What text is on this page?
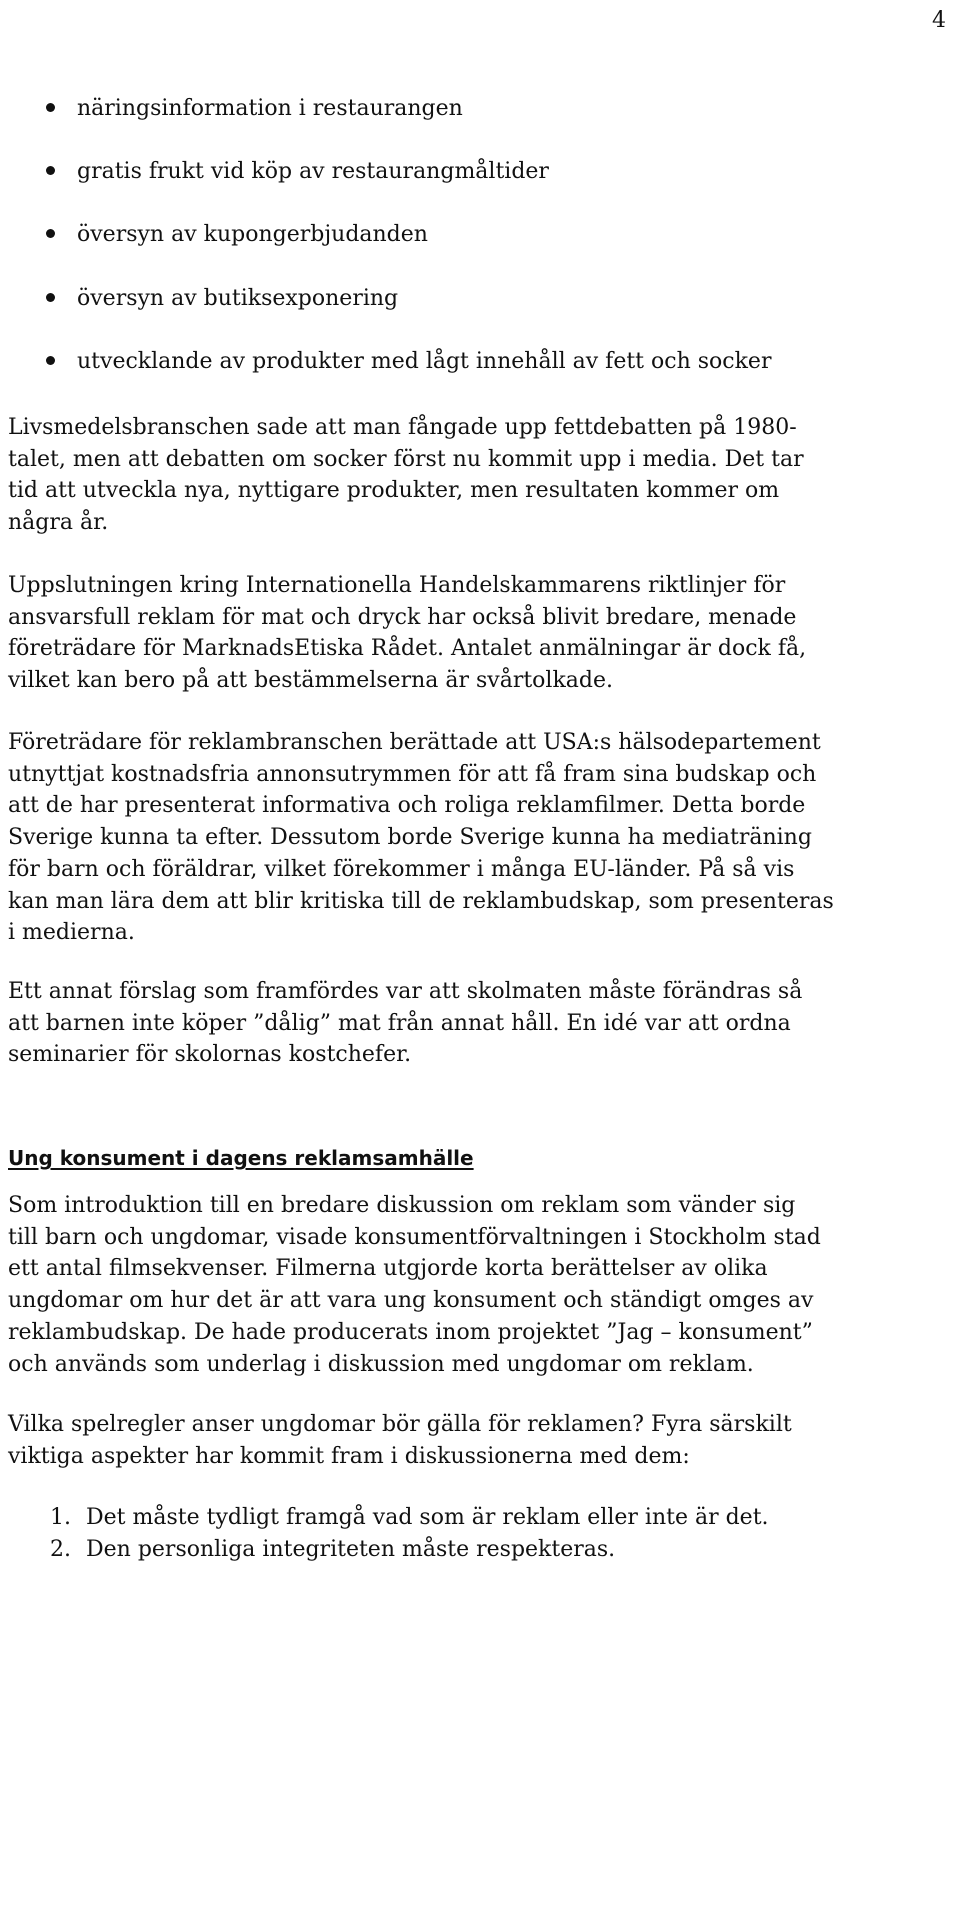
4
näringsinformation i restaurangen
gratis frukt vid köp av restaurangmåltider
översyn av kupongerbjudanden
översyn av butiksexponering
utvecklande av produkter med lågt innehåll av fett och socker

Livsmedelsbranschen sade att man fångade upp fettdebatten på 1980-
talet, men att debatten om socker först nu kommit upp i media. Det tar
tid att utveckla nya, nyttigare produkter, men resultaten kommer om
några år.

Uppslutningen kring Internationella Handelskammarens riktlinjer för
ansvarsfull reklam för mat och dryck har också blivit bredare, menade
företrädare för MarknadsEtiska Rådet. Antalet anmälningar är dock få,
vilket kan bero på att bestämmelserna är svårtolkade.

Företrädare för reklambranschen berättade att USA:s hälsodepartement
utnyttjat kostnadsfria annonsutrymmen för att få fram sina budskap och
att de har presenterat informativa och roliga reklamfilmer. Detta borde
Sverige kunna ta efter. Dessutom borde Sverige kunna ha mediaträning
för barn och föräldrar, vilket förekommer i många EU-länder. På så vis
kan man lära dem att blir kritiska till de reklambudskap, som presenteras
i medierna.

Ett annat förslag som framfördes var att skolmaten måste förändras så
att barnen inte köper ”dålig” mat från annat håll. En idé var att ordna
seminarier för skolornas kostchefer.

Ung konsument i dagens reklamsamhälle

Som introduktion till en bredare diskussion om reklam som vänder sig
till barn och ungdomar, visade konsumentförvaltningen i Stockholm stad
ett antal filmsekvenser. Filmerna utgjorde korta berättelser av olika
ungdomar om hur det är att vara ung konsument och ständigt omges av
reklambudskap. De hade producerats inom projektet ”Jag – konsument”
och används som underlag i diskussion med ungdomar om reklam.

Vilka spelregler anser ungdomar bör gälla för reklamen? Fyra särskilt
viktiga aspekter har kommit fram i diskussionerna med dem:

1. Det måste tydligt framgå vad som är reklam eller inte är det.
2. Den personliga integriteten måste respekteras.
